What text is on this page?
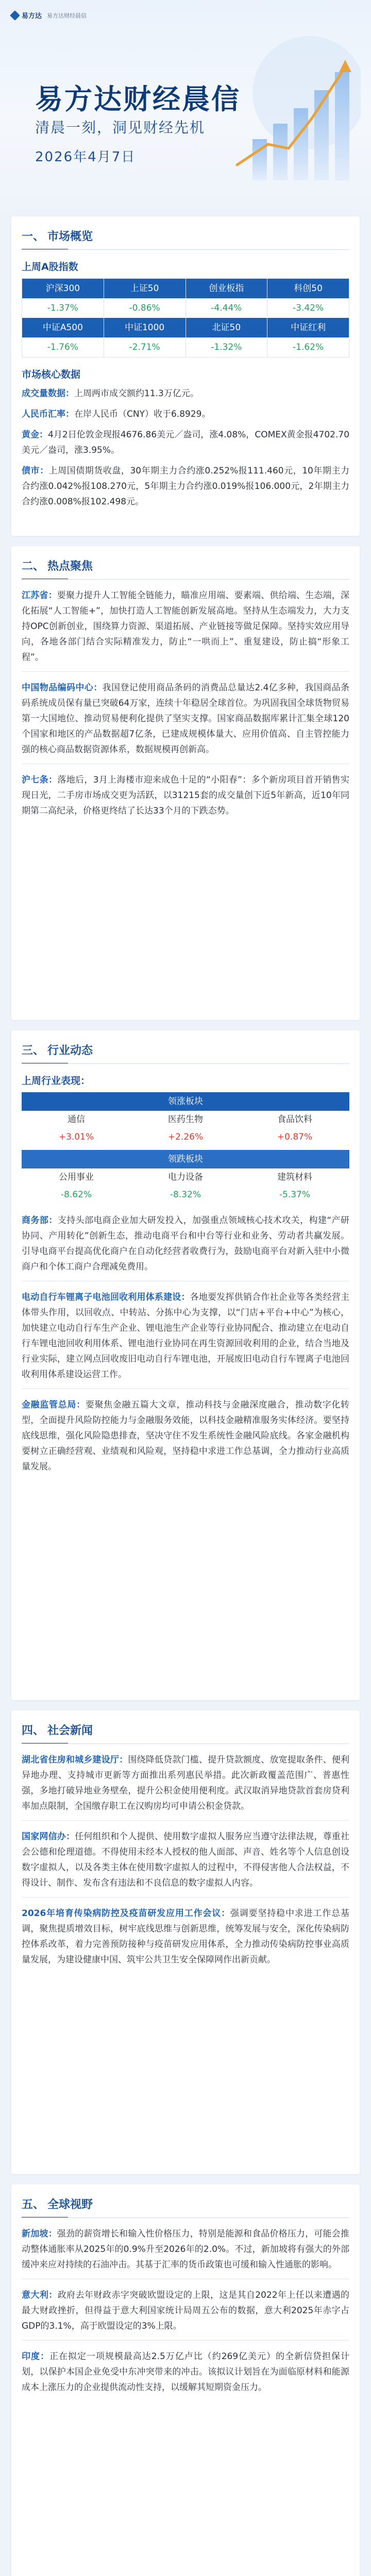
易方达 易方达财经晨信
易方达财经晨信
清晨一刻，洞见财经先机
2026年4月7日
一、 市场概览
上周A股指数
沪深300	上证50	创业板指	科创50
-1.37%	-0.86%	-4.44%	-3.42%
中证A500	中证1000	北证50	中证红利
-1.76%	-2.71%	-1.32%	-1.62%
市场核心数据

成交量数据：上周两市成交额约11.3万亿元。

人民币汇率：在岸人民币（CNY）收于6.8929。

黄金：4月2日伦敦金现报4676.86美元／盎司，涨4.08%，COMEX黄金报4702.70美元／盎司，涨3.95%。

债市：上周国债期货收盘，30年期主力合约涨0.252%报111.460元，10年期主力合约涨0.042%报108.270元，5年期主力合约涨0.019%报106.000元，2年期主力合约涨0.008%报102.498元。

二、 热点聚焦

江苏省：要聚力提升人工智能全链能力，瞄准应用端、要素端、供给端、生态端，深化拓展“人工智能+”，加快打造人工智能创新发展高地。坚持从生态端发力，大力支持OPC创新创业，围绕算力资源、渠道拓展、产业链接等做足保障。坚持实效应用导向，各地各部门结合实际精准发力，防止“一哄而上”、重复建设，防止搞“形象工程”。

中国物品编码中心：我国登记使用商品条码的消费品总量达2.4亿多种，我国商品条码系统成员保有量已突破64万家，连续十年稳居全球首位。为巩固我国全球货物贸易第一大国地位、推动贸易便利化提供了坚实支撑。国家商品数据库累计汇集全球120个国家和地区的产品数据超7亿条，已建成规模体量大、应用价值高、自主管控能力强的核心商品数据资源体系，数据规模再创新高。

沪七条：落地后，3月上海楼市迎来成色十足的“小阳春”：多个新房项目首开销售实现日光，二手房市场成交更为活跃，以31215套的成交量创下近5年新高，近10年同期第二高纪录，价格更终结了长达33个月的下跌态势。

三、 行业动态
上周行业表现：
领涨板块
通信	医药生物	食品饮料
+3.01%	+2.26%	+0.87%
领跌板块
公用事业	电力设备	建筑材料
-8.62%	-8.32%	-5.37%

商务部：支持头部电商企业加大研发投入，加强重点领域核心技术攻关，构建“产研协同、产用转化”创新生态，推动电商平台和中台等行业和业务、劳动者共赢发展。引导电商平台提高优化商户在自动化经营者收费行为，鼓励电商平台对新入驻中小微商户和个体工商户合理减免费用。

电动自行车锂离子电池回收利用体系建设：各地要发挥供销合作社企业等各类经营主体带头作用，以回收点、中转站、分拣中心为支撑，以“门店+平台+中心”为核心，加快建立电动自行车生产企业、锂电池生产企业等行业协同配合、推动建立在电动自行车锂电池回收利用体系、锂电池行业协同在再生资源回收利用的企业，结合当地及行业实际，建立网点回收废旧电动自行车锂电池，开展废旧电动自行车锂离子电池回收利用体系建设运营工作。

金融监管总局：要聚焦金融五篇大文章，推动科技与金融深度融合，推动数字化转型，全面提升风险防控能力与金融服务效能，以科技金融精准服务实体经济。要坚持底线思维，强化风险隐患排查，坚决守住不发生系统性金融风险底线。各家金融机构要树立正确经营观、业绩观和风险观，坚持稳中求进工作总基调，全力推动行业高质量发展。

四、 社会新闻

湖北省住房和城乡建设厅：围绕降低贷款门槛、提升贷款额度、放宽提取条件、便利异地办理、支持城市更新等方面推出系列惠民举措。此次新政覆盖范围广、普惠性强，多地打破异地业务壁垒，提升公积金使用便利度。武汉取消异地贷款首套房贷利率加点限制，全国缴存职工在汉购房均可申请公积金贷款。

国家网信办：任何组织和个人提供、使用数字虚拟人服务应当遵守法律法规，尊重社会公德和伦理道德。不得使用未经本人授权的他人面部、声音、姓名等个人信息创设数字虚拟人，以及各类主体在使用数字虚拟人的过程中，不得侵害他人合法权益，不得设计、制作、发布含有违法和不良信息的数字虚拟人内容。

2026年培育传染病防控及疫苗研发应用工作会议：强调要坚持稳中求进工作总基调，聚焦提质增效目标，树牢底线思维与创新思维，统筹发展与安全，深化传染病防控体系改革，着力完善预防接种与疫苗研发应用体系，全力推动传染病防控事业高质量发展，为建设健康中国、筑牢公共卫生安全保障网作出新贡献。

五、 全球视野

新加坡：强劲的薪资增长和输入性价格压力，特别是能源和食品价格压力，可能会推动整体通胀率从2025年的0.9%升至2026年的2.0%。不过，新加坡将有强大的外部缓冲来应对持续的石油冲击。其基于汇率的货币政策也可缓和输入性通胀的影响。

意大利：政府去年财政赤字突破欧盟设定的上限，这是其自2022年上任以来遭遇的最大财政挫折，但得益于意大利国家统计局周五公布的数据，意大利2025年赤字占GDP的3.1%，高于欧盟设定的3%上限。

印度：正在拟定一项规模最高达2.5万亿卢比（约269亿美元）的全新信贷担保计划，以保护本国企业免受中东冲突带来的冲击。该拟议计划旨在为面临原材料和能源成本上涨压力的企业提供流动性支持，以缓解其短期资金压力。
